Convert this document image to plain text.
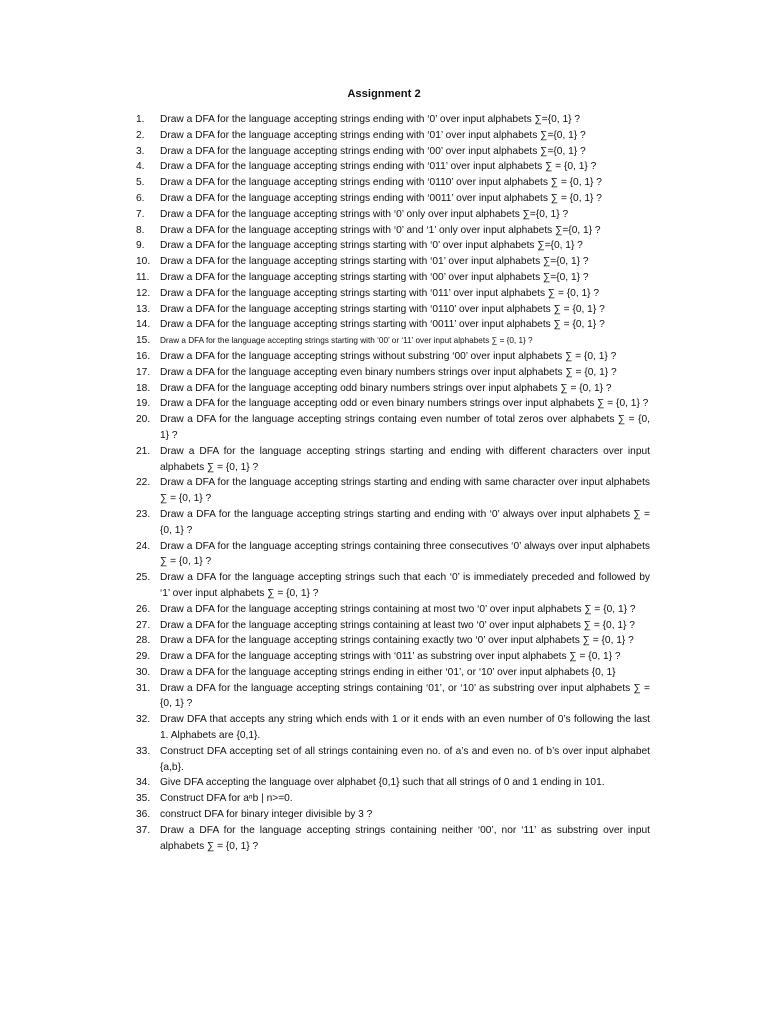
Assignment 2
1.	Draw a DFA for the language accepting strings ending with ‘0’ over input alphabets ∑={0, 1} ?
2.	Draw a DFA for the language accepting strings ending with ‘01’ over input alphabets ∑={0, 1} ?
3.	Draw a DFA for the language accepting strings ending with ‘00’ over input alphabets ∑={0, 1} ?
4.	Draw a DFA for the language accepting strings ending with ‘011’ over input alphabets ∑ = {0, 1} ?
5.	Draw a DFA for the language accepting strings ending with ‘0110’ over input alphabets ∑ = {0, 1} ?
6.	Draw a DFA for the language accepting strings ending with ‘0011’ over input alphabets ∑ = {0, 1} ?
7.	Draw a DFA for the language accepting strings with ‘0’ only over input alphabets ∑={0, 1} ?
8.	Draw a DFA for the language accepting strings with ‘0’ and ‘1’ only over input alphabets ∑={0, 1} ?
9.	Draw a DFA for the language accepting strings starting with ‘0’ over input alphabets ∑={0, 1} ?
10. Draw a DFA for the language accepting strings starting with ‘01’ over input alphabets ∑={0, 1} ?
11.	Draw a DFA for the language accepting strings starting with ‘00’ over input alphabets ∑={0, 1} ?
12. Draw a DFA for the language accepting strings starting with ‘011’ over input alphabets ∑ = {0, 1} ?
13. Draw a DFA for the language accepting strings starting with ‘0110’ over input alphabets ∑ = {0, 1} ?
14. Draw a DFA for the language accepting strings starting with ‘0011’ over input alphabets ∑ = {0, 1} ?
15.	Draw a DFA for the language accepting strings starting with ‘00’ or ‘11’ over input alphabets ∑ = {0, 1} ?
16. Draw a DFA for the language accepting strings without substring ‘00’ over input alphabets ∑ = {0, 1} ?
17. Draw a DFA for the language accepting even binary numbers strings over input alphabets ∑ = {0, 1} ?
18. Draw a DFA for the language accepting odd binary numbers strings over input alphabets ∑ = {0, 1} ?
19. Draw a DFA for the language accepting odd or even binary numbers strings over input alphabets ∑ = {0, 1} ?
20. Draw a DFA for the language accepting strings containg even number of total zeros over alphabets ∑ = {0, 1} ?
21. Draw a DFA for the language accepting strings starting and ending with different characters over input alphabets ∑ = {0, 1} ?
22. Draw a DFA for the language accepting strings starting and ending with same character over input alphabets ∑ = {0, 1} ?
23. Draw a DFA for the language accepting strings starting and ending with ‘0’ always over input alphabets ∑ = {0, 1} ?
24. Draw a DFA for the language accepting strings containing three consecutives ‘0’ always over input alphabets ∑ = {0, 1} ?
25. Draw a DFA for the language accepting strings such that each ‘0’ is immediately preceded and followed by ‘1’ over input alphabets ∑ = {0, 1} ?
26. Draw a DFA for the language accepting strings containing at most two ‘0’ over input alphabets ∑ = {0, 1} ?
27. Draw a DFA for the language accepting strings containing at least two ‘0’ over input alphabets ∑ = {0, 1} ?
28. Draw a DFA for the language accepting strings containing exactly two ‘0’ over input alphabets ∑ = {0, 1} ?
29. Draw a DFA for the language accepting strings with ‘011’ as substring over input alphabets ∑ = {0, 1} ?
30. Draw a DFA for the language accepting strings ending in either ‘01’, or ‘10’ over input alphabets {0, 1}
31. Draw a DFA for the language accepting strings containing ‘01’, or ‘10’ as substring over input alphabets ∑ = {0, 1} ?
32. Draw DFA that accepts any string which ends with 1 or it ends with an even number of 0’s following the last 1. Alphabets are {0,1}.
33. Construct DFA accepting set of all strings containing even no. of a’s and even no. of b’s over input alphabet {a,b}.
34. Give DFA accepting the language over alphabet {0,1} such that all strings of 0 and 1 ending in 101.
35. Construct DFA for aⁿb | n>=0.
36. construct DFA for binary integer divisible by 3 ?
37. Draw a DFA for the language accepting strings containing neither ‘00’, nor ‘11’ as substring over input alphabets ∑ = {0, 1} ?
